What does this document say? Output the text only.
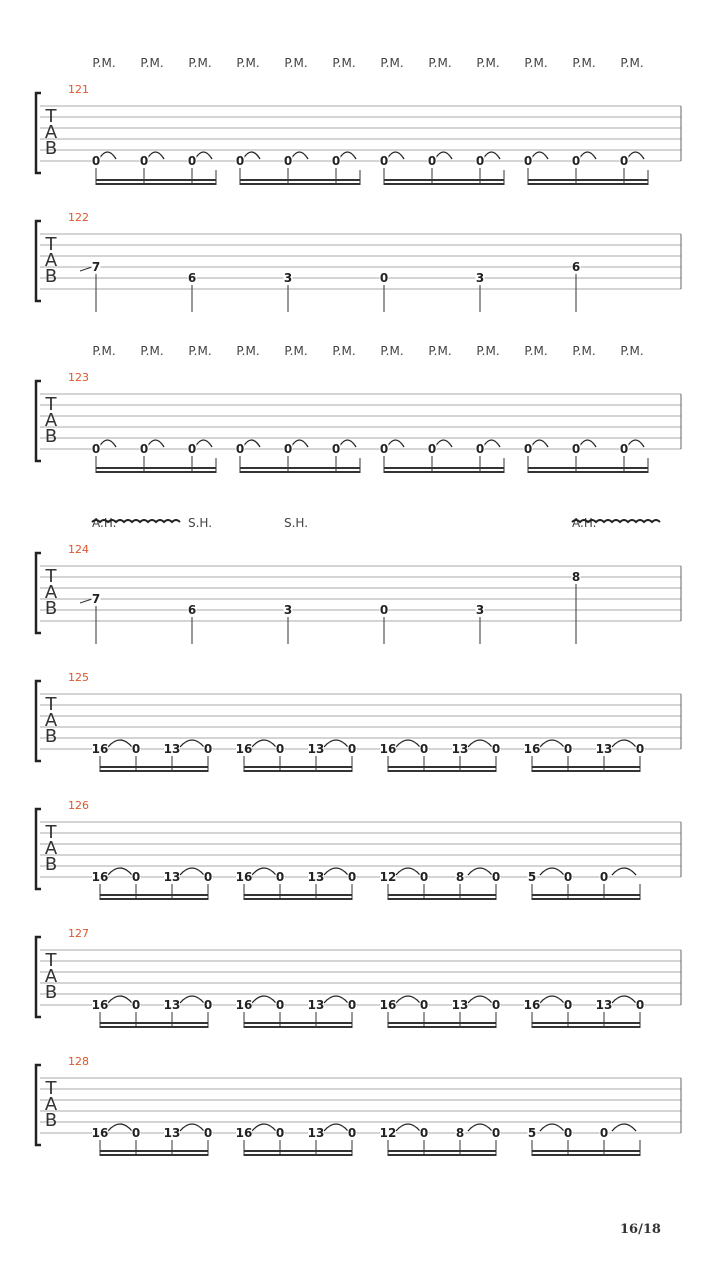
T
A
B
121
P.M. P.M. P.M. P.M. P.M. P.M. P.M. P.M. P.M. P.M. P.M. P.M.
0	0	0	0	0	0	0	0	0	0	0	0
T
A
B
122
7
6	3	0	3
6
T
A
B
123
P.M. P.M. P.M. P.M. P.M. P.M. P.M. P.M. P.M. P.M. P.M. P.M.
0	0	0	0	0	0	0	0	0	0	0	0
T
A
B
124
A.H.	S.H.	S.H.	A.H.
7
6	3	0	3
8
T
A
B
125
16 0 13 0 16 0 13 0 16 0 13 0 16 0 13 0
T
A
B
126
16 0 13 0 16 0 13 0 12 0 8 0 5 0 0
T
A
B
127
16 0 13 0 16 0 13 0 16 0 13 0 16 0 13 0
T
A
B
128
16 0 13 0 16 0 13 0 12 0 8 0 5 0 0
16/18
